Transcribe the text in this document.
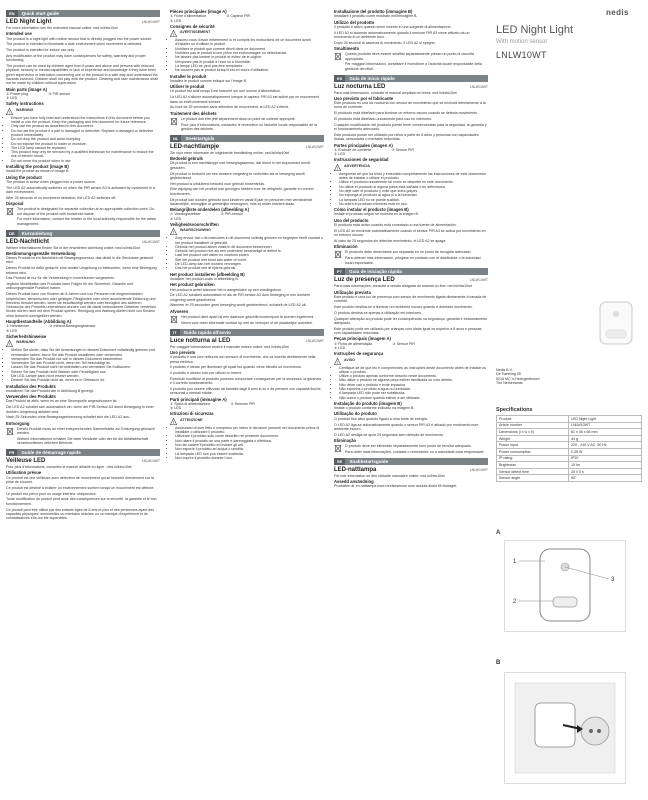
EN Quick start guide
LED Night Light	LNLW10WT

For more information see the extended manual online: ned.is/lnlw10wt

Intended use

The product is a night light with motion sensor that is directly plugged into the power socket.

The product is intended to illuminate a dark environment when movement is detected.

The product is intended for indoor use only.

Any modification of the product may have consequences for safety, warranty and proper functioning.

The product can be used by children aged from 8 years and above and persons with reduced physical, sensory or mental capabilities or lack of experience and knowledge if they have been given supervision or instruction concerning use of the product in a safe way and understand the hazards involved. Children shall not play with the product. Cleaning and user maintenance shall not be made by children without supervision.

Main parts (image A)
① Power plug
② LED
③ PIR sensor
Safety instructions
!
WARNING
• Ensure you have fully read and understood the instructions in this document before you install or use the product. Keep the packaging and this document for future reference.
• Only use the product as described in this document.
• Do not use the product if a part is damaged or defective. Replace a damaged or defective product immediately.
• Do not drop the product and avoid bumping.
• Do not expose the product to water or moisture.
• The LED lamp cannot be replaced.
• This product may only be serviced by a qualified technician for maintenance to reduce the risk of electric shock.
• Do not cover the product when in use.
Installing the product (image B)

Install the product as shown in image B.

Using the product

The product is active when plugged into a power source.

The LED A2 automatically switches on when the PIR sensor A3 is activated by movement in a dark environment.

After 25 seconds of no movement detection, the LED A2 switches off.

Disposal

The product is designated for separate collection at an appropriate collection point. Do not dispose of the product with household waste.

For more information, contact the retailer or the local authority responsible for the waste management.

DE Kurzanleitung
LED-Nachtlicht	LNLW10WT

Weitere Informationen finden Sie in der erweiterten Anleitung online: ned.is/lnlw10wt

Bestimmungsgemäße Verwendung

Dieses Produkt ist ein Nachtlicht mit Bewegungssensor, das direkt in die Steckdose gesteckt wird.

Dieses Produkt ist dafür gedacht, eine dunkle Umgebung zu beleuchten, wenn eine Bewegung erkannt wird.

Das Produkt ist nur für die Verwendung in Innenräumen vorgesehen.

Jegliche Modifikation des Produkts kann Folgen für die Sicherheit, Garantie und ordnungsgemäße Funktion haben.

Dieses Produkt kann von Kindern ab 8 Jahren und von Personen mit eingeschränkten körperlichen, sensorischen oder geistigen Fähigkeiten oder ohne ausreichende Erfahrung und Kenntnis benutzt werden, wenn sie beaufsichtigt werden oder bezüglich des sicheren Gebrauchs des Produkts unterwiesen wurden und die damit verbundenen Gefahren verstehen. Kinder dürfen nicht mit dem Produkt spielen. Reinigung und Wartung dürfen nicht von Kindern ohne Aufsicht durchgeführt werden.

Hauptbestandteile (Abbildung A)
① Netzstecker
② LED
③ Infrarot-Bewegungssensor
Sicherheitshinweise
!
WARNUNG
• Stellen Sie sicher, dass Sie die Anweisungen in diesem Dokument vollständig gelesen und verstanden haben, bevor Sie das Produkt installieren oder verwenden.
• Verwenden Sie das Produkt nur wie in diesem Dokument beschrieben.
• Verwenden Sie das Produkt nicht, wenn ein Teil beschädigt ist.
• Lassen Sie das Produkt nicht herunterfallen und vermeiden Sie Kollisionen.
• Setzen Sie das Produkt nicht Wasser oder Feuchtigkeit aus.
• Die LED-Lampe kann nicht ersetzt werden.
• Decken Sie das Produkt nicht ab, wenn es in Gebrauch ist.
Installation des Produkts

Installieren Sie das Produkt wie in Abbildung B gezeigt.

Verwenden des Produkts

Das Produkt ist aktiv, wenn es an eine Stromquelle angeschlossen ist.

Die LED A2 schaltet sich automatisch ein, wenn der PIR-Sensor A3 durch Bewegung in einer dunklen Umgebung aktiviert wird.

Nach 25 Sekunden ohne Bewegungserkennung schaltet sich die LED A2 aus.

Entsorgung

Dieses Produkt muss an einer entsprechenden Sammelstelle zur Entsorgung gebracht werden.

Weitere Informationen erhalten Sie beim Verkäufer oder der für die Abfallwirtschaft verantwortlichen örtlichen Behörde.

FR Guide de démarrage rapide
Veilleuse LED	LNLW10WT

Pour plus d'informations, consultez le manuel détaillé en ligne : ned.is/lnlw10wt

Utilisation prévue

Ce produit est une veilleuse avec détecteur de mouvement qui se branche directement sur la prise de courant.

Ce produit est destiné à éclairer un environnement sombre lorsqu'un mouvement est détecté.

Le produit est prévu pour un usage intérieur uniquement.

Toute modification du produit peut avoir des conséquences sur la sécurité, la garantie et le bon fonctionnement.

Ce produit peut être utilisé par des enfants âgés de 8 ans et plus et des personnes ayant des capacités physiques, sensorielles ou mentales réduites ou un manque d'expérience et de connaissances s'ils ont été supervisés.

Pièces principales (image A)
① Fiche d'alimentation
② LED
③ Capteur PIR
Consignes de sécurité
!
AVERTISSEMENT
• Assurez-vous d'avoir entièrement lu et compris les instructions de ce document avant d'installer ou d'utiliser le produit.
• N'utilisez le produit que comme décrit dans ce document.
• N'utilisez pas le produit si une pièce est endommagée ou défectueuse.
• Ne laissez pas tomber le produit et évitez de le cogner.
• N'exposez pas le produit à l'eau ou à l'humidité.
• La lampe LED ne peut pas être remplacée.
• Ne couvrez pas le produit lorsqu'il est en cours d'utilisation.
Installer le produit

Installez le produit comme indiqué sur l'image B.

Utiliser le produit

Le produit est actif lorsqu'il est branché sur une source d'alimentation.

La LED A2 s'allume automatiquement lorsque le capteur PIR A3 est activé par un mouvement dans un environnement sombre.

Au bout de 25 secondes sans détection de mouvement, la LED A2 s'éteint.

Traitement des déchets

Le produit doit être jeté séparément dans un point de collecte approprié.

Pour plus d'informations, contactez le revendeur ou l'autorité locale responsable de la gestion des déchets.

NL Snelstartgids
LED-nachtlampje	LNLW10WT

Zie voor meer informatie de uitgebreide handleiding online: ned.is/lnlw10wt

Bedoeld gebruik

Dit product is een nachtlampje met bewegingssensor, dat direct in het stopcontact wordt gestoken.

Dit product is bedoeld om een donkere omgeving te verlichten als er beweging wordt gedetecteerd.

Het product is uitsluitend bedoeld voor gebruik binnenshuis.

Elke wijziging van het product kan gevolgen hebben voor de veiligheid, garantie en correct functioneren.

Dit product kan worden gebruikt door kinderen vanaf 8 jaar en personen met verminderde lichamelijke, zintuiglijke of geestelijke vermogens, mits zij onder toezicht staan.

Belangrijkste onderdelen (afbeelding A)
① Voedingsstekker
② LED
③ PIR-sensor
Veiligheidsvoorschriften
!
WAARSCHUWING
• Zorg ervoor dat u de instructies in dit document volledig gelezen en begrepen heeft voordat u het product installeert of gebruikt.
• Gebruik het product alleen zoals in dit document beschreven.
• Gebruik het product niet als een onderdeel beschadigd of defect is.
• Laat het product niet vallen en voorkom stoten.
• Stel het product niet bloot aan water of vocht.
• De LED-lamp kan niet worden vervangen.
• Dek het product niet af tijdens gebruik.
Het product installeren (afbeelding B)

Installeer het product zoals in afbeelding B.

Het product gebruiken

Het product is actief wanneer het is aangesloten op een voedingsbron.

De LED A2 schakelt automatisch in als de PIR-sensor A3 door beweging in een donkere omgeving wordt geactiveerd.

Wanneer er 25 seconden geen beweging wordt gedetecteerd, schakelt de LED A2 uit.

Afvoeren

Het product dient apart bij een daarvoor geschikt inzamelpunt te worden ingeleverd.

Neem voor meer informatie contact op met de verkoper of de plaatselijke autoriteit.

IT Guida rapida all'avvio
Luce notturna al LED	LNLW10WT

Per maggiori informazioni vedere il manuale esteso online: ned.is/lnlw10wt

Uso previsto

Il prodotto è una luce notturna con sensore di movimento, che va inserita direttamente nella presa elettrica.

Il prodotto è ideato per illuminare gli spazi bui quando viene rilevato un movimento.

Il prodotto è idoneo solo per utilizzo in interni.

Eventuali modifiche al prodotto possono comportare conseguenze per la sicurezza, la garanzia e il corretto funzionamento.

Il prodotto può essere utilizzato da bambini dagli 8 anni in su e da persone con capacità fisiche, sensoriali o mentali ridotte.

Parti principali (immagine A)
① Spina di alimentazione
② LED
③ Sensore PIR
Istruzioni di sicurezza
!
ATTENZIONE
• Assicurarsi di aver letto e compreso per intero le istruzioni presenti nel documento prima di installare o utilizzare il prodotto.
• Utilizzare il prodotto solo come descritto nel presente documento.
• Non usare il prodotto se una parte è danneggiata o difettosa.
• Non far cadere il prodotto ed evitare gli urti.
• Non esporre il prodotto ad acqua o umidità.
• La lampada LED non può essere sostituita.
• Non coprire il prodotto durante l'uso.
Installazione del prodotto (immagine B)

Installare il prodotto come mostrato nell'immagine B.

Utilizzo del prodotto

Il prodotto è attivo quando viene inserito in una sorgente di alimentazione.

Il LED A2 si accende automaticamente quando il sensore PIR A3 viene attivato da un movimento in un ambiente buio.

Dopo 25 secondi di assenza di movimento, il LED A2 si spegne.

Smaltimento

Questo prodotto deve essere smaltito separatamente presso un punto di raccolta appropriato.

Per maggiori informazioni, contattare il rivenditore o l'autorità locale responsabile della gestione dei rifiuti.

ES Guía de inicio rápido
Luz nocturna LED	LNLW10WT

Para más información, consulte el manual ampliado en línea: ned.is/lnlw10wt

Uso previsto por el fabricante

Este producto es una luz nocturna con sensor de movimiento que se enchufa directamente a la toma de corriente.

El producto está diseñado para iluminar un entorno oscuro cuando se detecta movimiento.

El producto está diseñado únicamente para uso en interiores.

Cualquier modificación del producto puede tener consecuencias para la seguridad, la garantía y el funcionamiento adecuado.

Este producto puede ser utilizado por niños a partir de 8 años y personas con capacidades físicas, sensoriales o mentales reducidas.

Partes principales (imagen A)
① Enchufe de corriente
② LED
③ Sensor PIR
Instrucciones de seguridad
!
ADVERTENCIA
• Asegúrese de que ha leído y entendido completamente las instrucciones de este documento antes de instalar o utilizar el producto.
• Utilice el producto únicamente tal como se describe en este documento.
• No utilice el producto si alguna pieza está dañada o es defectuosa.
• No deje caer el producto y evite que sufra golpes.
• No exponga el producto al agua ni a la humedad.
• La lámpara LED no se puede sustituir.
• No cubra el producto mientras está en uso.
Cómo instalar el producto (imagen B)

Instale el producto según se muestra en la imagen B.

Uso del producto

El producto está activo cuando está conectado a una fuente de alimentación.

El LED A2 se enciende automáticamente cuando el sensor PIR A3 se activa por movimiento en un entorno oscuro.

Al cabo de 25 segundos sin detectar movimiento, el LED A2 se apaga.

Eliminación

El producto debe desecharse por separado en un punto de recogida adecuado.

Para obtener más información, póngase en contacto con el distribuidor o la autoridad local responsable.

PT Guia de iniciação rápida
Luz de presença LED	LNLW10WT

Para mais informações, consulte a versão alargada do manual on-line: ned.is/lnlw10wt

Utilização prevista

Este produto é uma luz de presença com sensor de movimento ligada diretamente à tomada de corrente.

Este produto destina-se a iluminar um ambiente escuro quando é detetado movimento.

O produto destina-se apenas a utilização em interiores.

Qualquer alteração ao produto pode ter consequências na segurança, garantia e funcionamento adequado.

Este produto pode ser utilizado por crianças com idade igual ou superior a 8 anos e pessoas com capacidades reduzidas.

Peças principais (imagem A)
① Ficha de alimentação
② LED
③ Sensor PIR
Instruções de segurança
!
AVISO
• Certifique-se de que leu e compreendeu as instruções deste documento antes de instalar ou utilizar o produto.
• Utilize o produto apenas conforme descrito neste documento.
• Não utilize o produto se alguma peça estiver danificada ou com defeito.
• Não deixe cair o produto e evite impactos.
• Não exponha o produto a água ou humidade.
• A lâmpada LED não pode ser substituída.
• Não cubra o produto quando estiver a ser utilizado.
Instalação do produto (imagem B)

Instale o produto conforme indicado na imagem B.

Utilização do produto

O produto fica ativo quando ligado a uma fonte de energia.

O LED A2 liga-se automaticamente quando o sensor PIR A3 é ativado por movimento num ambiente escuro.

O LED A2 desliga-se após 25 segundos sem deteção de movimento.

Eliminação

O produto deve ser eliminado separadamente num ponto de recolha adequado.

Para obter mais informações, contacte o revendedor ou a autoridade local responsável.

SE Snabbstartsguide
LED-nattlampa	LNLW10WT

För mer information se den utökade manualen online: ned.is/lnlw10wt

Avsedd användning

Produkten är en nattlampa med rörelsesensor som ansluts direkt till eluttaget.

nedis
LED Night Light
With motion sensor
LNLW10WT
Nedis B.V.
De Tweeling 28
5215 MC 's-Hertogenbosch
The Netherlands
Specifications
Product	LED Night Light
Article number	LNLW10WT
Dimensions (l x w x h)	81 x 46 x 66 mm
Weight	44 g
Power input	220 - 240 V AC, 50 Hz
Power consumption	0.35 W
IP rating	IP20
Brightness	15 lm
Sensor detect time	25 ± 5 s
Sensor angle	95°
A
1
2
3
B
